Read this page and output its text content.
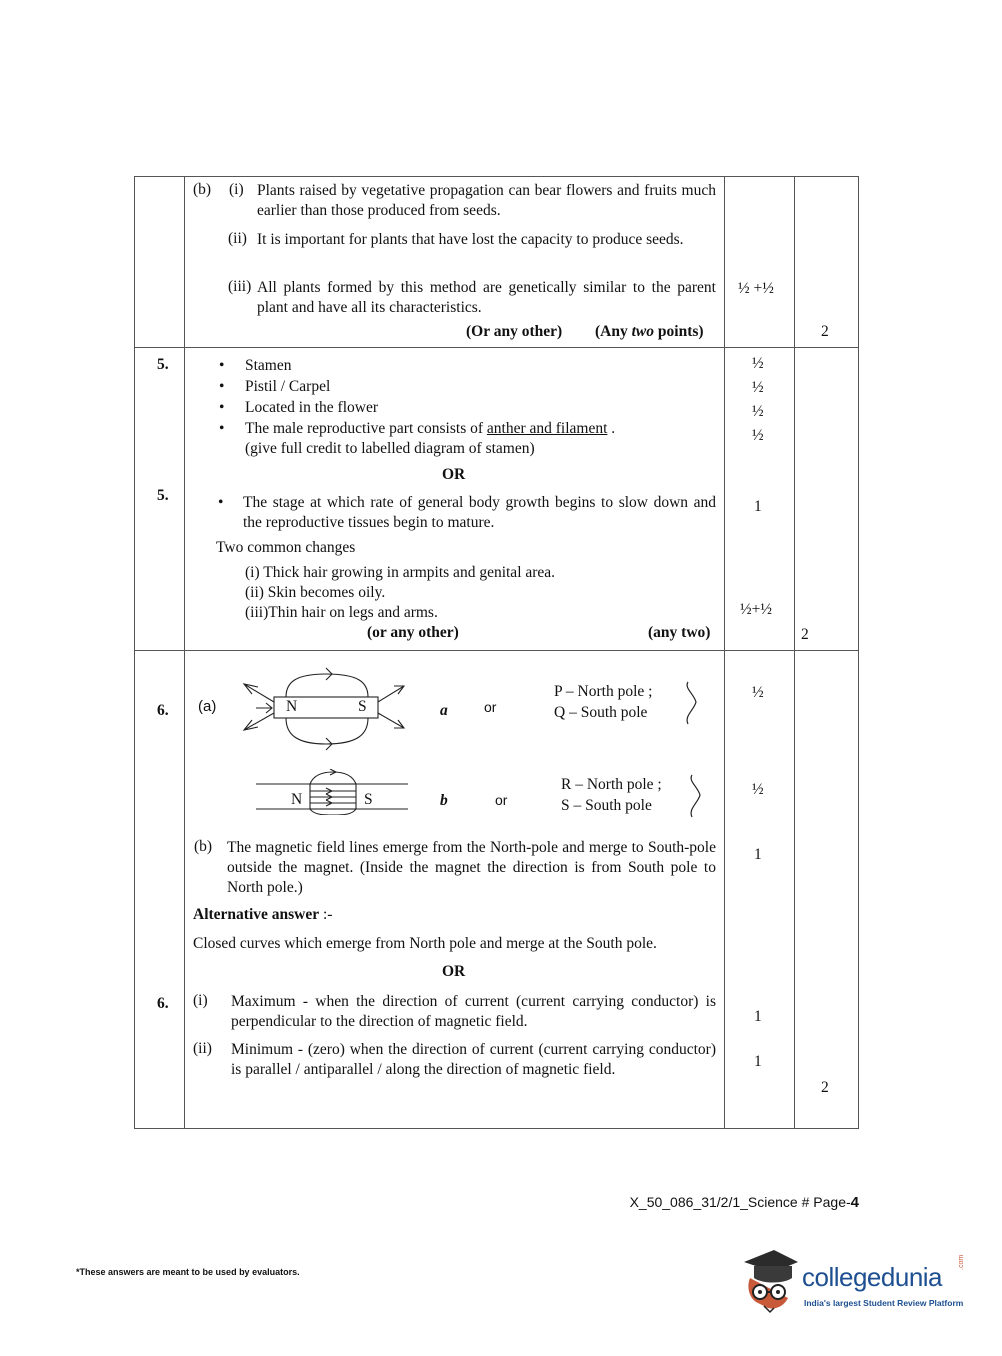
(b) (i) Plants raised by vegetative propagation can bear flowers and fruits much earlier than those produced from seeds.
(ii) It is important for plants that have lost the capacity to produce seeds.
(iii) All plants formed by this method are genetically similar to the parent plant and have all its characteristics.
(Or any other) (Any two points)
½ +½
2
5.
•	Stamen
• Pistil / Carpel
• Located in the flower
• The male reproductive part consists of anther and filament .
(give full credit to labelled diagram of stamen)
½
½
½
½
OR
5.	• The stage at which rate of general body growth begins to slow down and the reproductive tissues begin to mature.
1
Two common changes
(i) Thick hair growing in armpits and genital area.
(ii) Skin becomes oily.
(iii)Thin hair on legs and arms.	½+½
(or any other)	(any two)	2
6. (a)	N	S	a	or
P – North pole ;
Q – South pole
½
N	S	b	or
R – North pole ;
S – South pole
½
(b) The magnetic field lines emerge from the North-pole and merge to South-pole outside the magnet. (Inside the magnet the direction is from South pole to North pole.)
1
Alternative answer :-
Closed curves which emerge from North pole and merge at the South pole.
OR
6. (i) Maximum - when the direction of current (current carrying conductor) is perpendicular to the direction of magnetic field.	1
(ii) Minimum - (zero) when the direction of current (current carrying conductor) is parallel / antiparallel / along the direction of magnetic field.	1
2
X_50_086_31/2/1_Science # Page-4
*These answers are meant to be used by evaluators.	collegedunia .com
India's largest Student Review Platform
